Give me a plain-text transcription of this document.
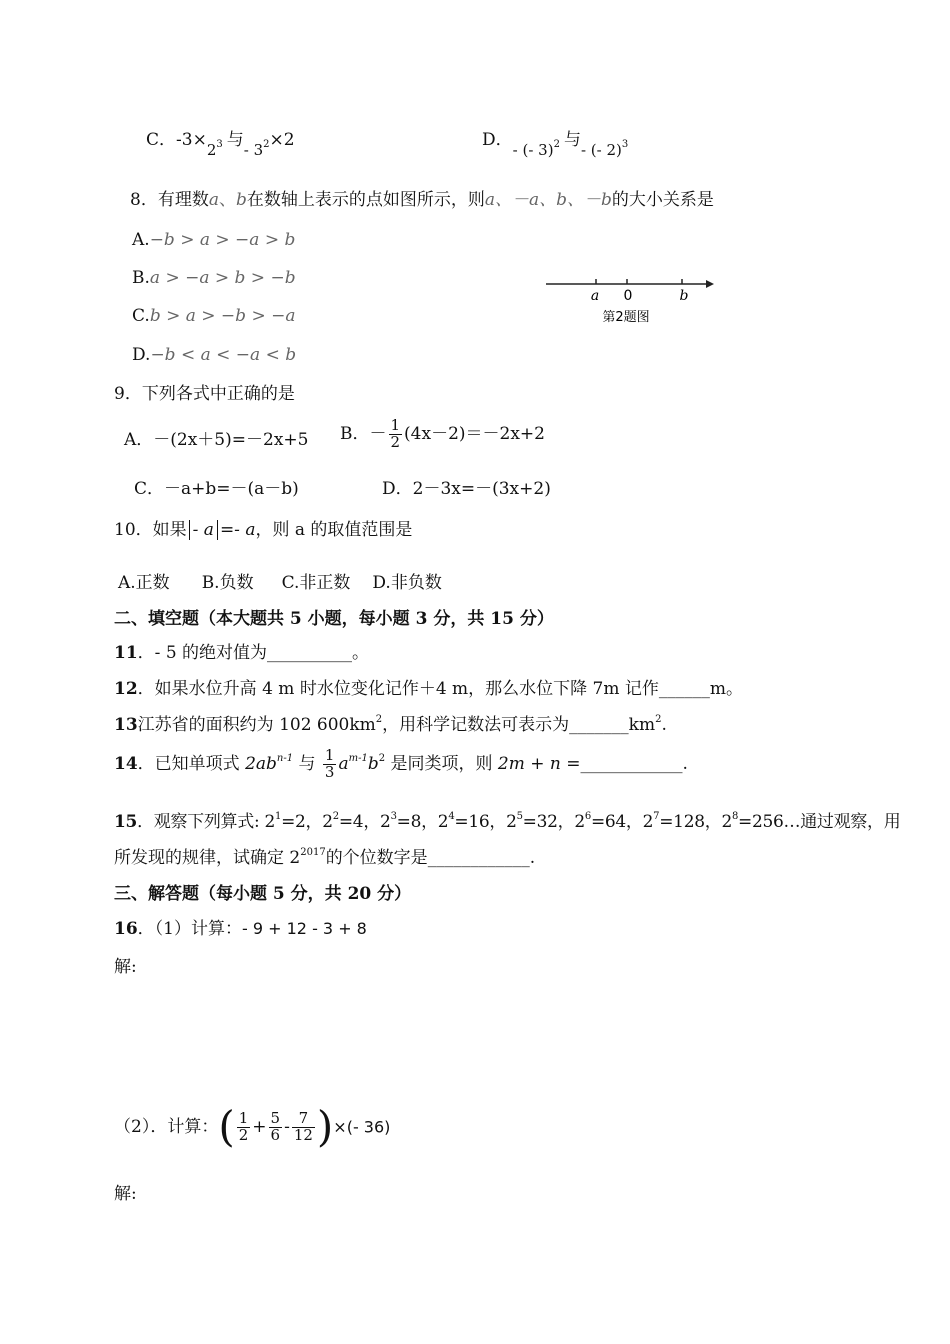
C．$-3\times 2^3$ 与- $3^2\times 2$	D．- (- 3)$^2$ 与- (- 2)$^3$
8．有理数a、b在数轴上表示的点如图所示，则a、－a、b、－b的大小关系是
A.−b > a > −a > b
B.a > −a > b > −b
C.b > a > −b > −a
D.−b < a < −a < b
a 0	b
第2题图
9．下列各式中正确的是
A．－(2x＋5)=－2x+5 B．－ $\frac{1}{2} (4x-2)=-2x+2$
C．－a+b=－(a－b)	D．2－3x=－(3x+2)
10．如果 - a =- a，则 a 的取值范围是
A.正数 B.负数 C.非正数 D.非负数
二、填空题（本大题共 5 小题，每小题 3 分，共 15 分）
11．- 5 的绝对值为__________。
12．如果水位升高 4 m 时水位变化记作＋4 m，那么水位下降 7m 记作______m。
13江苏省的面积约为 102 $600km^2$，用科学记数法可表示为$\_\_\_\_\_\_\_km^2$.
14．已知单项式 $2ab^{n-1}$ 与 $\frac{1}{3} a^{m-1}b^2$ 是同类项，则 2m + n =____________.
15．观察下列算式: $2^1=2$，$2^2=4$，$2^3=8$，$2^4=16$，$2^5=32$，$2^6=64$，$2^7=128$，$2^8=256\dots$通过观察，用
所发现的规律，试确定 $2^{2017}$的个位数字是____________.
三、解答题（每小题 5 分，共 20 分）
16．（1）计算：- 9 + 12 - 3 + 8
解:
（2）．计算：( $\frac{1}{2} + \frac{5}{6} - \frac{7}{12}$ )×(- 36)
解:
